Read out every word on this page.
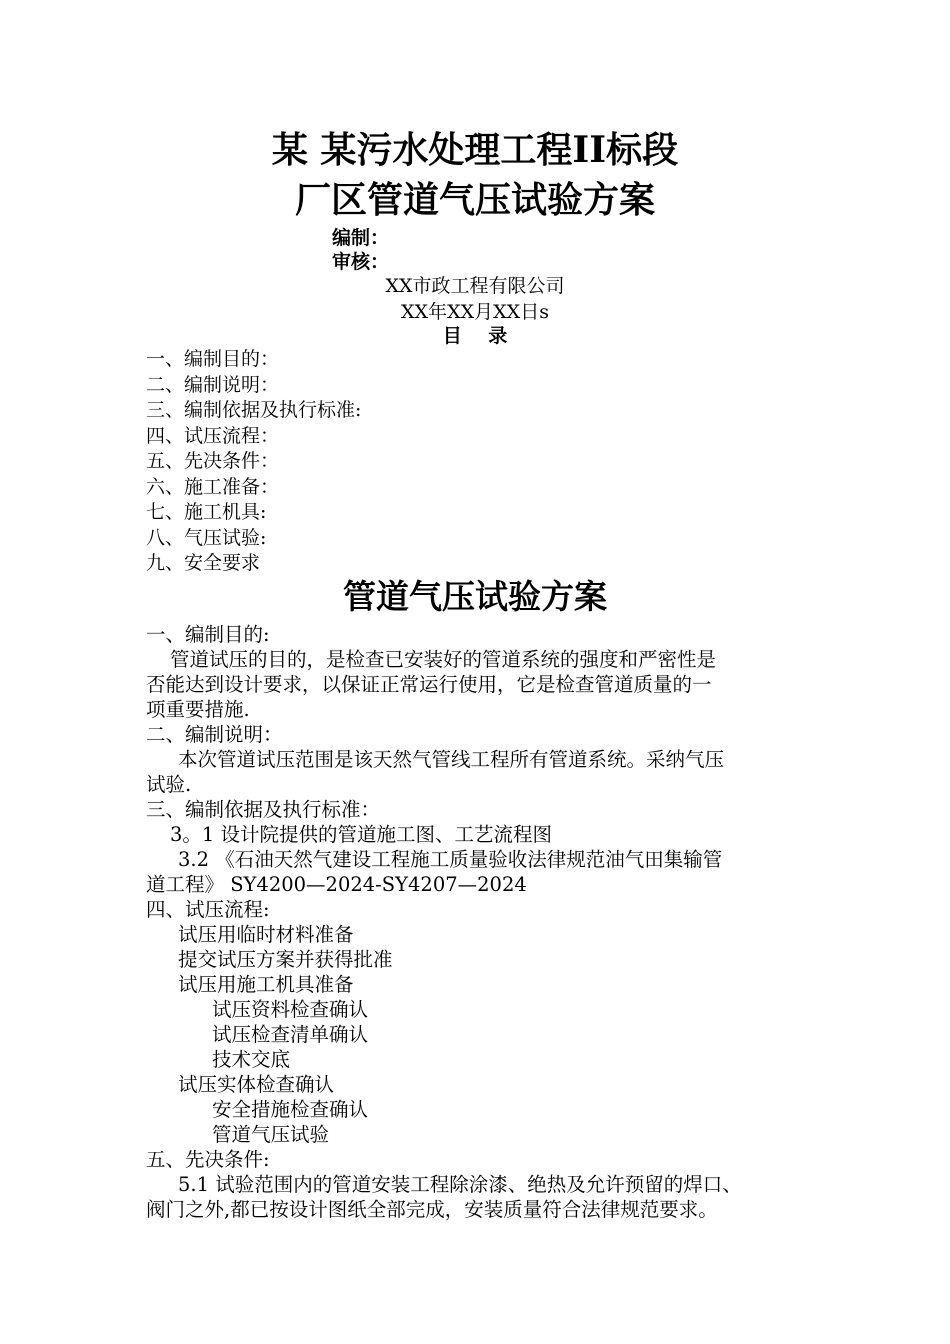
某 某污水处理工程II标段
厂区管道气压试验方案
编制：
审核：
XX市政工程有限公司
XX年XX月XX日s
目    录
一、编制目的：
二、编制说明：
三、编制依据及执行标准:
四、试压流程：
五、先决条件：
六、施工准备：
七、施工机具:
八、气压试验:
九、安全要求
管道气压试验方案
一、编制目的:
管道试压的目的，是检查已安装好的管道系统的强度和严密性是
否能达到设计要求，以保证正常运行使用，它是检查管道质量的一
项重要措施.
二、编制说明：
本次管道试压范围是该天然气管线工程所有管道系统。采纳气压
试验.
三、编制依据及执行标准：
3。1 设计院提供的管道施工图、工艺流程图
3.2 《石油天然气建设工程施工质量验收法律规范油气田集输管
道工程》 SY4200—2024-SY4207—2024
四、试压流程:
试压用临时材料准备
提交试压方案并获得批准
试压用施工机具准备
试压资料检查确认
试压检查清单确认
技术交底
试压实体检查确认
安全措施检查确认
管道气压试验
五、先决条件:
5.1 试验范围内的管道安装工程除涂漆、绝热及允许预留的焊口、
阀门之外,都已按设计图纸全部完成，安装质量符合法律规范要求。
